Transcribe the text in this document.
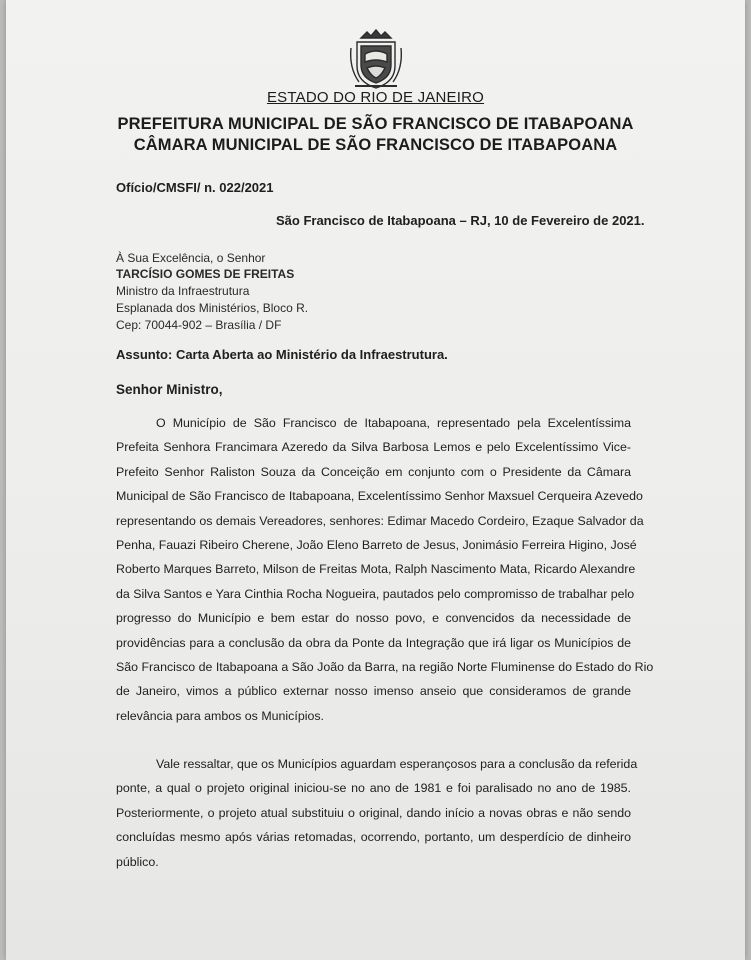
ESTADO DO RIO DE JANEIRO
PREFEITURA MUNICIPAL DE SÃO FRANCISCO DE ITABAPOANA
CÂMARA MUNICIPAL DE SÃO FRANCISCO DE ITABAPOANA
Ofício/CMSFI/ n. 022/2021
São Francisco de Itabapoana – RJ, 10 de Fevereiro de 2021.
À Sua Excelência, o Senhor
TARCÍSIO GOMES DE FREITAS
Ministro da Infraestrutura
Esplanada dos Ministérios, Bloco R.
Cep: 70044-902 – Brasília / DF
Assunto: Carta Aberta ao Ministério da Infraestrutura.
Senhor Ministro,
O Município de São Francisco de Itabapoana, representado pela Excelentíssima
Prefeita Senhora Francimara Azeredo da Silva Barbosa Lemos e pelo Excelentíssimo Vice-
Prefeito Senhor Raliston Souza da Conceição em conjunto com o Presidente da Câmara
Municipal de São Francisco de Itabapoana, Excelentíssimo Senhor Maxsuel Cerqueira Azevedo
representando os demais Vereadores, senhores: Edimar Macedo Cordeiro, Ezaque Salvador da
Penha, Fauazi Ribeiro Cherene, João Eleno Barreto de Jesus, Jonimásio Ferreira Higino, José
Roberto Marques Barreto, Milson de Freitas Mota, Ralph Nascimento Mata, Ricardo Alexandre
da Silva Santos e Yara Cinthia Rocha Nogueira, pautados pelo compromisso de trabalhar pelo
progresso do Município e bem estar do nosso povo, e convencidos da necessidade de
providências para a conclusão da obra da Ponte da Integração que irá ligar os Municípios de
São Francisco de Itabapoana a São João da Barra, na região Norte Fluminense do Estado do Rio
de Janeiro, vimos a público externar nosso imenso anseio que consideramos de grande
relevância para ambos os Municípios.
Vale ressaltar, que os Municípios aguardam esperançosos para a conclusão da referida
ponte, a qual o projeto original iniciou-se no ano de 1981 e foi paralisado no ano de 1985.
Posteriormente, o projeto atual substituiu o original, dando início a novas obras e não sendo
concluídas mesmo após várias retomadas, ocorrendo, portanto, um desperdício de dinheiro
público.
